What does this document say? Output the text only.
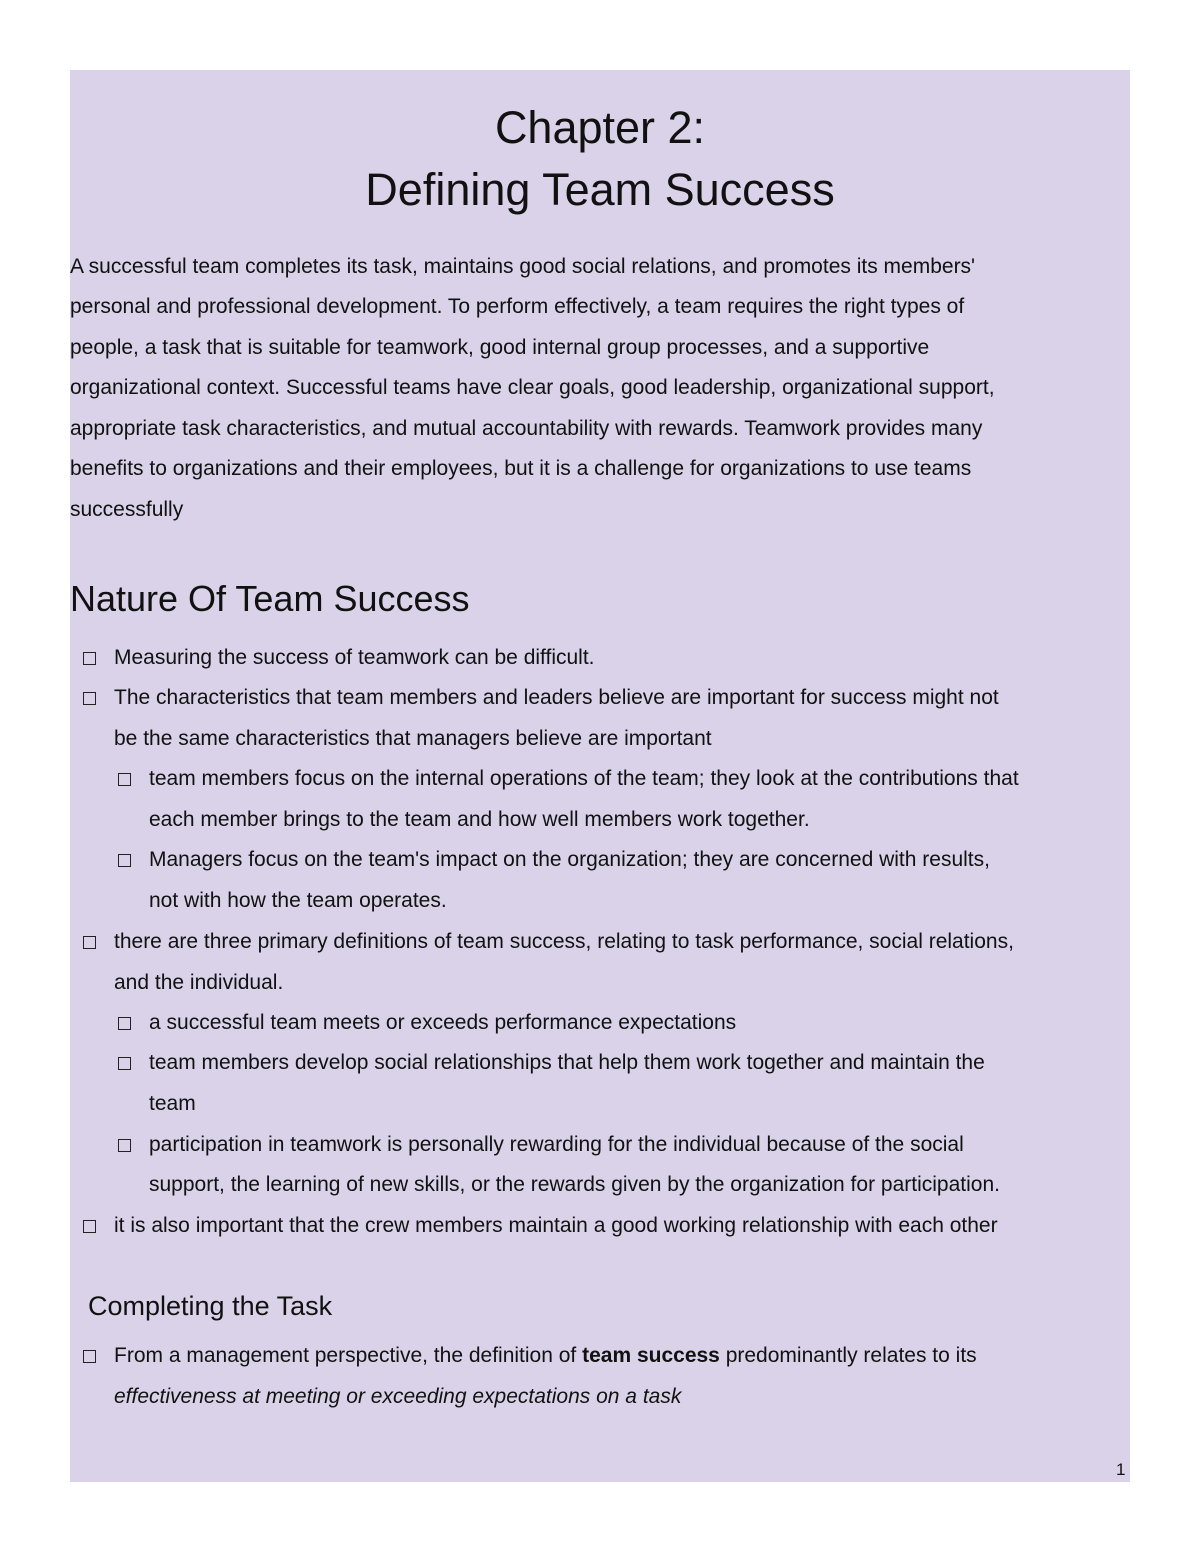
Chapter 2:
Defining Team Success
A successful team completes its task, maintains good social relations, and promotes its members'
personal and professional development. To perform effectively, a team requires the right types of
people, a task that is suitable for teamwork, good internal group processes, and a supportive
organizational context. Successful teams have clear goals, good leadership, organizational support,
appropriate task characteristics, and mutual accountability with rewards. Teamwork provides many
benefits to organizations and their employees, but it is a challenge for organizations to use teams
successfully
Nature Of Team Success
Measuring the success of teamwork can be difficult.
The characteristics that team members and leaders believe are important for success might not
be the same characteristics that managers believe are important
team members focus on the internal operations of the team; they look at the contributions that
each member brings to the team and how well members work together.
Managers focus on the team's impact on the organization; they are concerned with results,
not with how the team operates.
there are three primary definitions of team success, relating to task performance, social relations,
and the individual.
a successful team meets or exceeds performance expectations
team members develop social relationships that help them work together and maintain the
team
participation in teamwork is personally rewarding for the individual because of the social
support, the learning of new skills, or the rewards given by the organization for participation.
it is also important that the crew members maintain a good working relationship with each other
Completing the Task
From a management perspective, the definition of team success predominantly relates to its
effectiveness at meeting or exceeding expectations on a task
1
